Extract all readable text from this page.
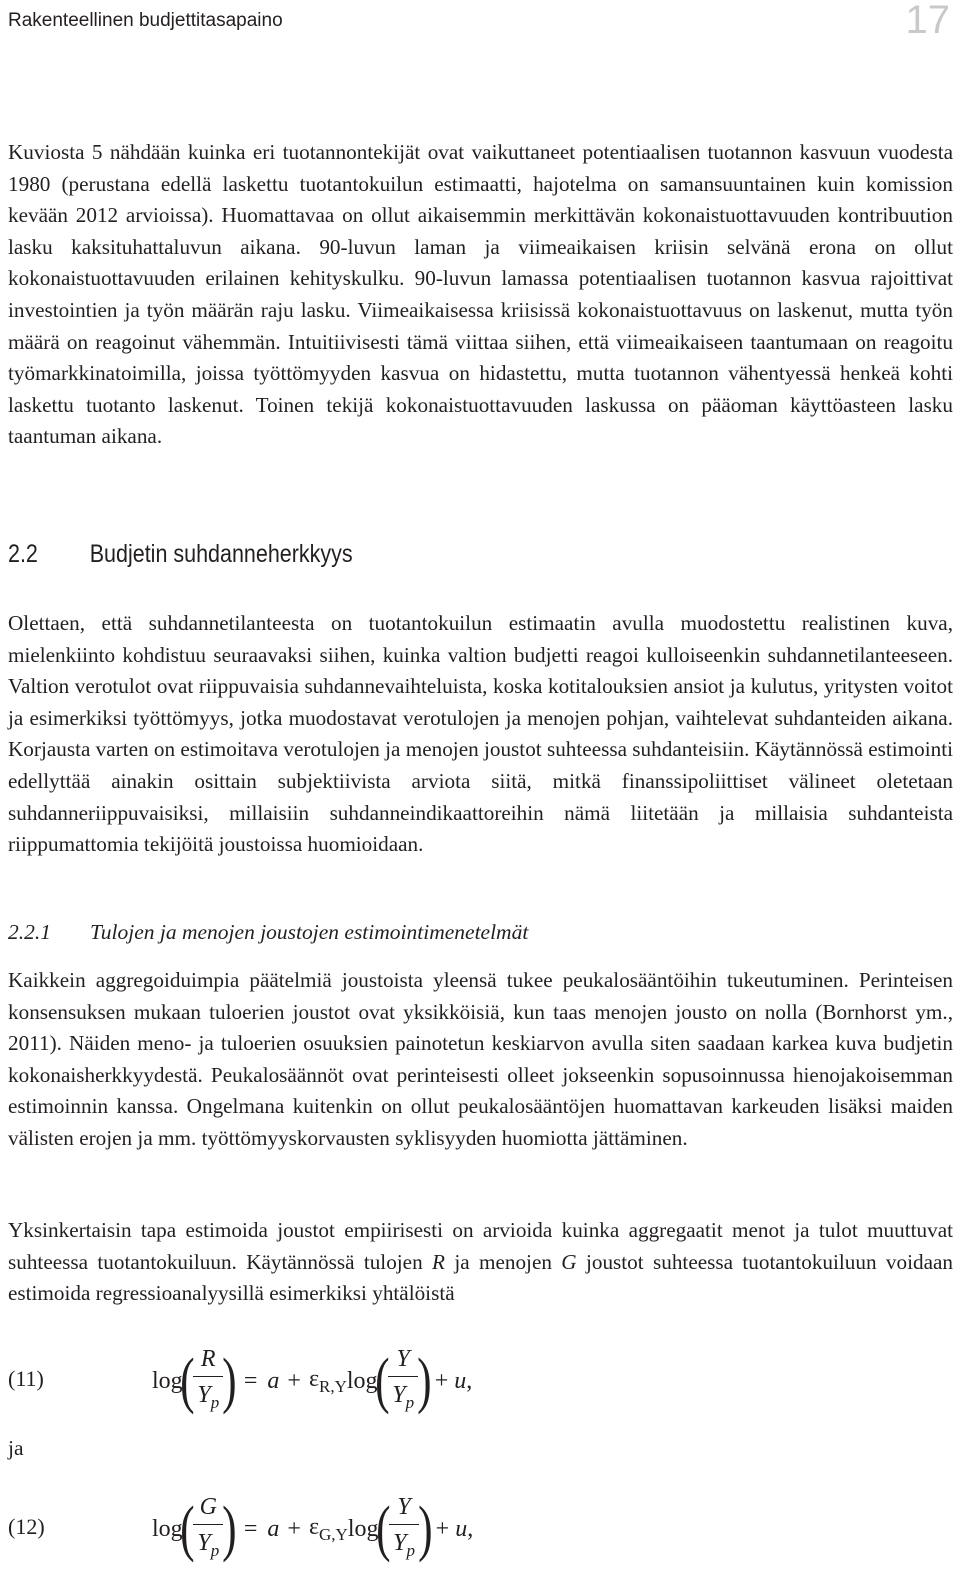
Rakenteellinen budjettitasapaino	17

Kuviosta 5 nähdään kuinka eri tuotannontekijät ovat vaikuttaneet potentiaalisen tuotannon kasvuun vuodesta 1980 (perustana edellä laskettu tuotantokuilun estimaatti, hajotelma on samansuuntainen kuin komission kevään 2012 arvioissa). Huomattavaa on ollut aikaisemmin merkittävän kokonaistuottavuuden kontribuution lasku kaksituhattaluvun aikana. 90-luvun laman ja viimeaikaisen kriisin selvänä erona on ollut kokonaistuottavuuden erilainen kehityskulku. 90-luvun lamassa potentiaalisen tuotannon kasvua rajoittivat investointien ja työn määrän raju lasku. Viimeaikaisessa kriisissä kokonaistuottavuus on laskenut, mutta työn määrä on reagoinut vähemmän. Intuitiivisesti tämä viittaa siihen, että viimeaikaiseen taantumaan on reagoitu työmarkkinatoimilla, joissa työttömyyden kasvua on hidastettu, mutta tuotannon vähentyessä henkeä kohti laskettu tuotanto laskenut. Toinen tekijä kokonaistuottavuuden laskussa on pääoman käyttöasteen lasku taantuman aikana.

2.2 Budjetin suhdanneherkkyys

Olettaen, että suhdannetilanteesta on tuotantokuilun estimaatin avulla muodostettu realistinen kuva, mielenkiinto kohdistuu seuraavaksi siihen, kuinka valtion budjetti reagoi kulloiseenkin suhdannetilanteeseen. Valtion verotulot ovat riippuvaisia suhdannevaihteluista, koska kotitalouksien ansiot ja kulutus, yritysten voitot ja esimerkiksi työttömyys, jotka muodostavat verotulojen ja menojen pohjan, vaihtelevat suhdanteiden aikana. Korjausta varten on estimoitava verotulojen ja menojen joustot suhteessa suhdanteisiin. Käytännössä estimointi edellyttää ainakin osittain subjektiivista arviota siitä, mitkä finanssipoliittiset välineet oletetaan suhdanneriippuvaisiksi, millaisiin suhdanneindikaattoreihin nämä liitetään ja millaisia suhdanteista riippumattomia tekijöitä joustoissa huomioidaan.

2.2.1 Tulojen ja menojen joustojen estimointimenetelmät

Kaikkein aggregoiduimpia päätelmiä joustoista yleensä tukee peukalosääntöihin tukeutuminen. Perinteisen konsensuksen mukaan tuloerien joustot ovat yksikköisiä, kun taas menojen jousto on nolla (Bornhorst ym., 2011). Näiden meno- ja tuloerien osuuksien painotetun keskiarvon avulla siten saadaan karkea kuva budjetin kokonaisherkkyydestä. Peukalosäännöt ovat perinteisesti olleet jokseenkin sopusoinnussa hienojakoisemman estimoinnin kanssa. Ongelmana kuitenkin on ollut peukalosääntöjen huomattavan karkeuden lisäksi maiden välisten erojen ja mm. työttömyyskorvausten syklisyyden huomiotta jättäminen.

Yksinkertaisin tapa estimoida joustot empiirisesti on arvioida kuinka aggregaatit menot ja tulot muuttuvat suhteessa tuotantokuiluun. Käytännössä tulojen R ja menojen G joustot suhteessa tuotantokuiluun voidaan estimoida regressioanalyysillä esimerkiksi yhtälöistä

(11)	log
( $\frac{R}{Y_p}$ ) = $a + \varepsilon_{R,Y}$ log
( $\frac{Y}{Y_p}$ ) + u ,
ja
(12)	log
( $\frac{G}{Y_p}$ ) = $a + \varepsilon_{G,Y}$ log
( $\frac{Y}{Y_p}$ ) + u ,
